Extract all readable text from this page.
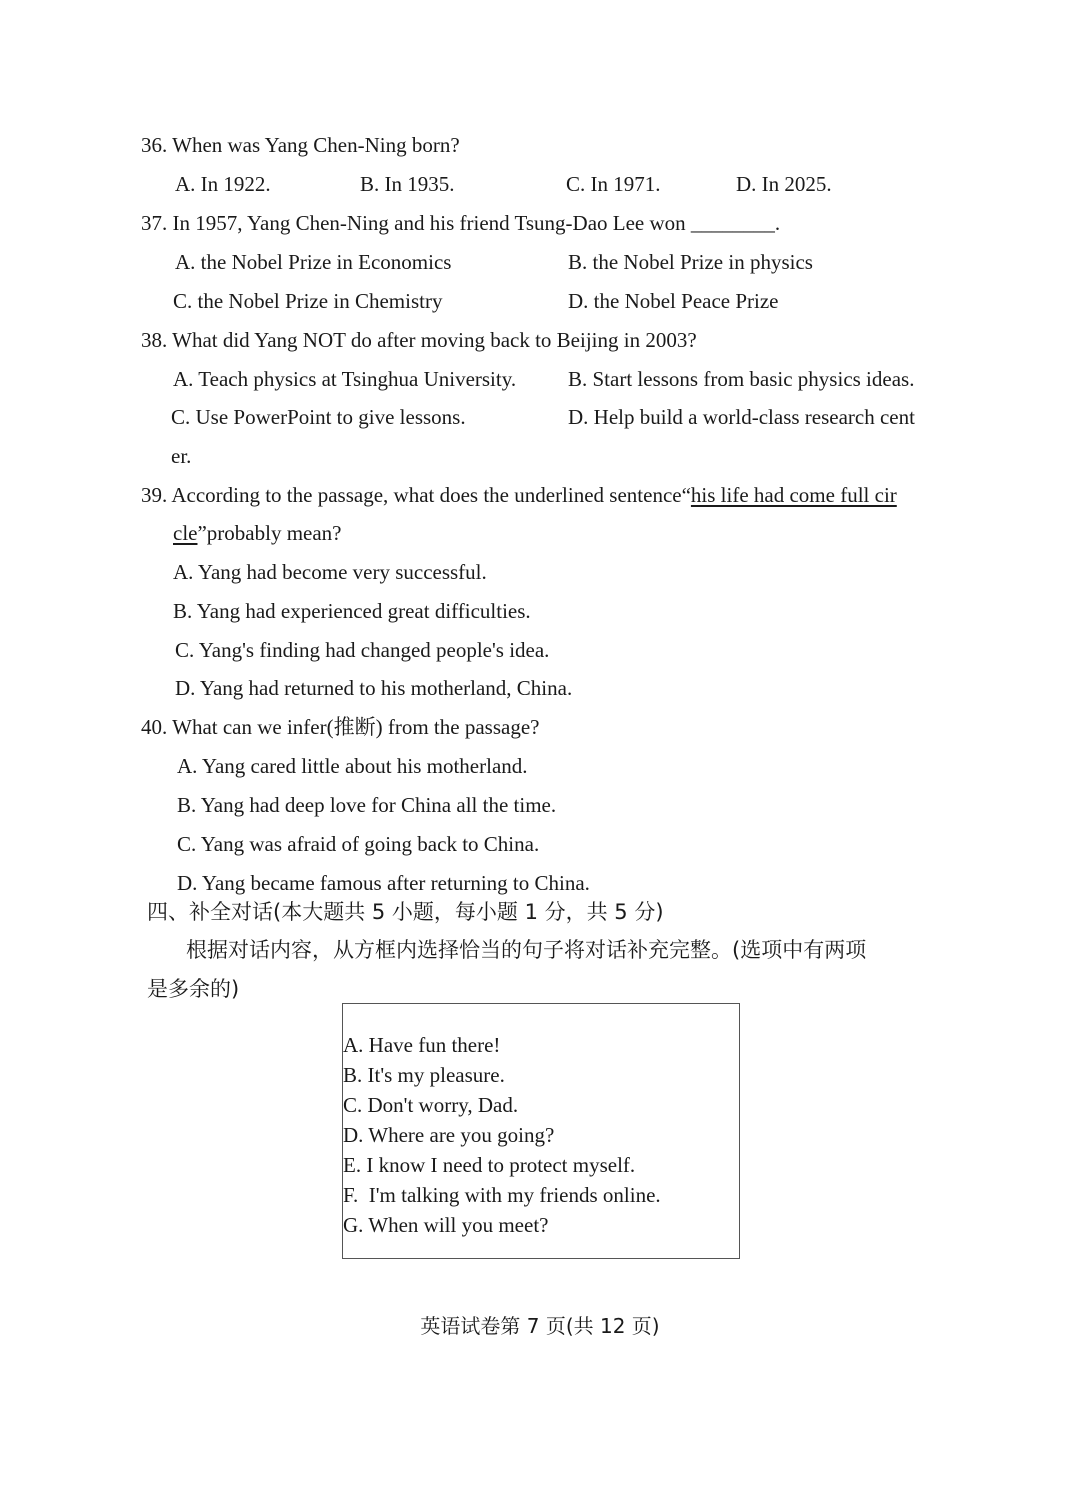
36. When was Yang Chen-Ning born?
A. In 1922.	B. In 1935.	C. In 1971.	D. In 2025.
37. In 1957, Yang Chen-Ning and his friend Tsung-Dao Lee won ________.
A. the Nobel Prize in Economics	B. the Nobel Prize in physics
C. the Nobel Prize in Chemistry	D. the Nobel Peace Prize
38. What did Yang NOT do after moving back to Beijing in 2003?
A. Teach physics at Tsinghua University. B. Start lessons from basic physics ideas.
C. Use PowerPoint to give lessons.	D. Help build a world-class research cent
er.
39. According to the passage, what does the underlined sentence“his life had come full cir
cle”probably mean?
A. Yang had become very successful.
B. Yang had experienced great difficulties.
C. Yang's finding had changed people's idea.
D. Yang had returned to his motherland, China.
40. What can we infer(推断) from the passage?
A. Yang cared little about his motherland.
B. Yang had deep love for China all the time.
C. Yang was afraid of going back to China.
D. Yang became famous after returning to China.
四、补全对话(本大题共 5 小题，每小题 1 分，共 5 分)
根据对话内容，从方框内选择恰当的句子将对话补充完整。(选项中有两项
是多余的)
A. Have fun there!
B. It's my pleasure.
C. Don't worry, Dad.
D. Where are you going?
E. I know I need to protect myself.
F.  I'm talking with my friends online.
G. When will you meet?
英语试卷第 7 页(共 12 页)
